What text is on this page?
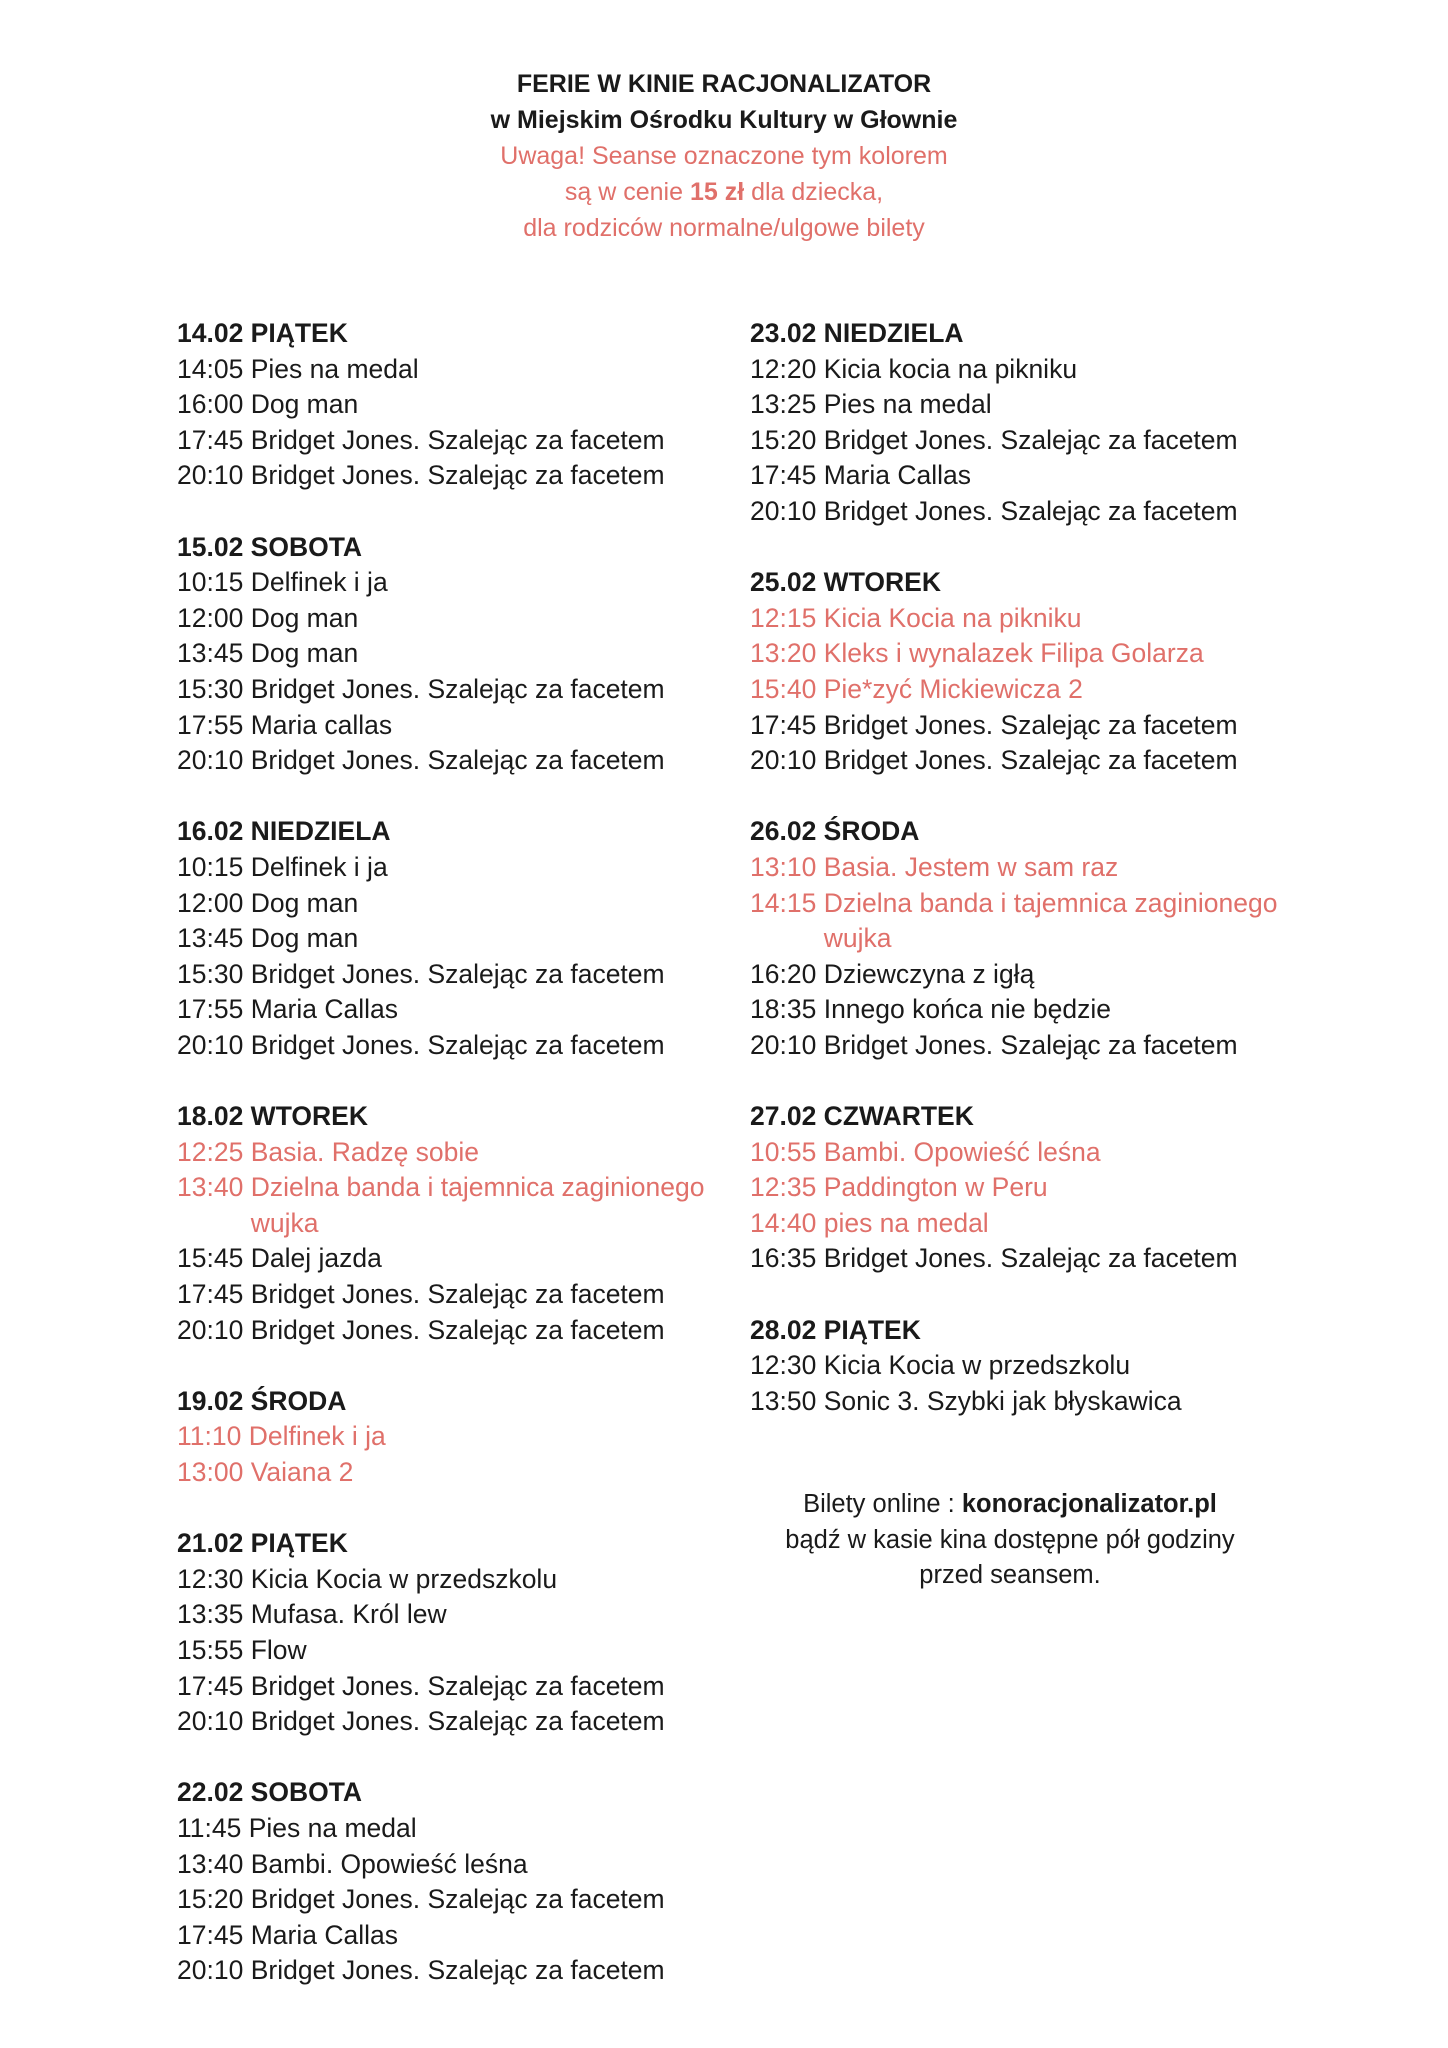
FERIE W KINIE RACJONALIZATOR
w Miejskim Ośrodku Kultury w Głownie
Uwaga! Seanse oznaczone tym kolorem
są w cenie 15 zł dla dziecka,
dla rodziców normalne/ulgowe bilety
14.02 PIĄTEK
14:05
Pies na medal
16:00
Dog man
17:45
Bridget Jones. Szalejąc za facetem
20:10
Bridget Jones. Szalejąc za facetem
15.02 SOBOTA
10:15
Delfinek i ja
12:00
Dog man
13:45
Dog man
15:30
Bridget Jones. Szalejąc za facetem
17:55
Maria callas
20:10
Bridget Jones. Szalejąc za facetem
16.02 NIEDZIELA
10:15
Delfinek i ja
12:00
Dog man
13:45
Dog man
15:30
Bridget Jones. Szalejąc za facetem
17:55
Maria Callas
20:10
Bridget Jones. Szalejąc za facetem
18.02 WTOREK
12:25
Basia. Radzę sobie
13:40
Dzielna banda i tajemnica zaginionego wujka
15:45
Dalej jazda
17:45
Bridget Jones. Szalejąc za facetem
20:10
Bridget Jones. Szalejąc za facetem
19.02 ŚRODA
11:10
Delfinek i ja
13:00
Vaiana 2
21.02 PIĄTEK
12:30
Kicia Kocia w przedszkolu
13:35
Mufasa. Król lew
15:55
Flow
17:45
Bridget Jones. Szalejąc za facetem
20:10
Bridget Jones. Szalejąc za facetem
22.02 SOBOTA
11:45
Pies na medal
13:40
Bambi. Opowieść leśna
15:20
Bridget Jones. Szalejąc za facetem
17:45
Maria Callas
20:10
Bridget Jones. Szalejąc za facetem
23.02 NIEDZIELA
12:20
Kicia kocia na pikniku
13:25
Pies na medal
15:20
Bridget Jones. Szalejąc za facetem
17:45
Maria Callas
20:10
Bridget Jones. Szalejąc za facetem
25.02 WTOREK
12:15
Kicia Kocia na pikniku
13:20
Kleks i wynalazek Filipa Golarza
15:40
Pie*zyć Mickiewicza 2
17:45
Bridget Jones. Szalejąc za facetem
20:10
Bridget Jones. Szalejąc za facetem
26.02 ŚRODA
13:10
Basia. Jestem w sam raz
14:15
Dzielna banda i tajemnica zaginionego wujka
16:20
Dziewczyna z igłą
18:35
Innego końca nie będzie
20:10
Bridget Jones. Szalejąc za facetem
27.02 CZWARTEK
10:55
Bambi. Opowieść leśna
12:35
Paddington w Peru
14:40
pies na medal
16:35
Bridget Jones. Szalejąc za facetem
28.02 PIĄTEK
12:30
Kicia Kocia w przedszkolu
13:50
Sonic 3. Szybki jak błyskawica
Bilety online : konoracjonalizator.pl
bądź w kasie kina dostępne pół godziny
przed seansem.
